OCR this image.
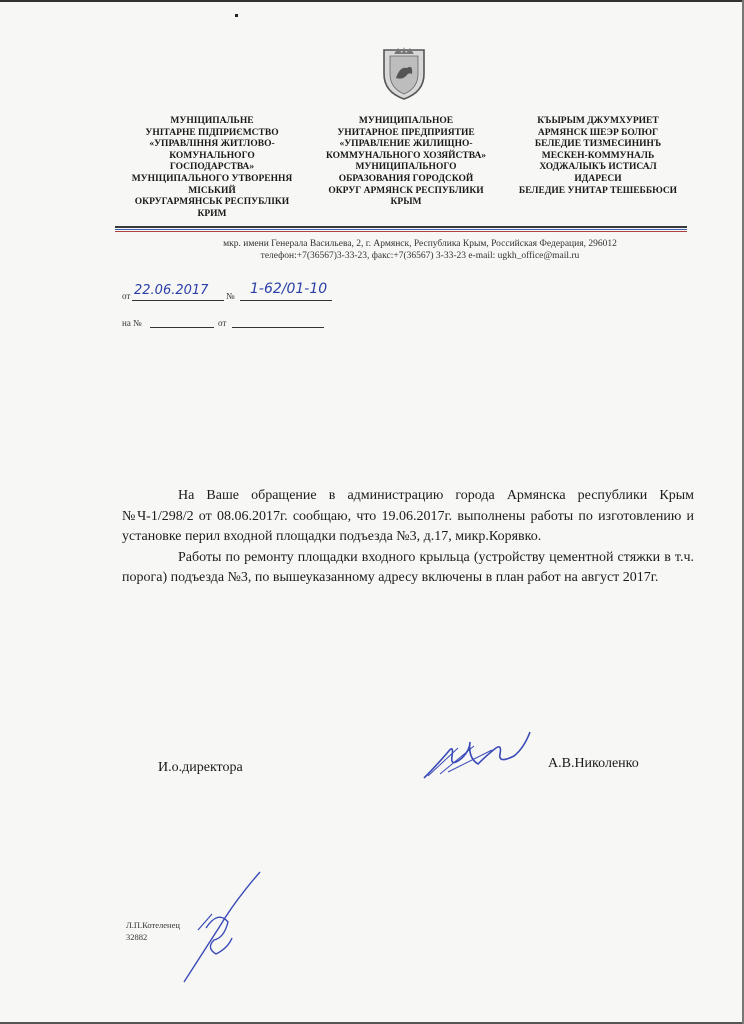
МУНІЦИПАЛЬНЕ
УНІТАРНЕ ПІДПРИЄМСТВО
«УПРАВЛІННЯ ЖИТЛОВО-
КОМУНАЛЬНОГО
ГОСПОДАРСТВА»
МУНІЦИПАЛЬНОГО УТВОРЕННЯ
МІСЬКИЙ
ОКРУГАРМЯНСЬК РЕСПУБЛІКИ
КРИМ
МУНИЦИПАЛЬНОЕ
УНИТАРНОЕ ПРЕДПРИЯТИЕ
«УПРАВЛЕНИЕ ЖИЛИЩНО-
КОММУНАЛЬНОГО ХОЗЯЙСТВА»
МУНИЦИПАЛЬНОГО
ОБРАЗОВАНИЯ ГОРОДСКОЙ
ОКРУГ АРМЯНСК РЕСПУБЛИКИ
КРЫМ
КЪЫРЫМ ДЖУМХУРИЕТ
АРМЯНСК ШЕЭР БОЛЮГ
БЕЛЕДИЕ ТИЗМЕСИНИНЪ
МЕСКЕН-КОММУНАЛЬ
ХОДЖАЛЫКЪ ИСТИСАЛ
ИДАРЕСИ
БЕЛЕДИЕ УНИТАР ТЕШЕББЮСИ
мкр. имени Генерала Васильева, 2, г. Армянск, Республика Крым, Российская Федерация, 296012
телефон:+7(36567)3-33-23, факс:+7(36567) 3-33-23 e-mail: ugkh_office@mail.ru
от 22.06.2017 № 1-62/01-10
на №	от

На Ваше обращение в администрацию города Армянска республики Крым №Ч-1/298/2 от 08.06.2017г. сообщаю, что 19.06.2017г. выполнены работы по изготовлению и установке перил входной площадки подъезда №3, д.17, микр.Корявко.

Работы по ремонту площадки входного крыльца (устройству цементной стяжки в т.ч. порога) подъезда №3, по вышеуказанному адресу включены в план работ на август 2017г.

И.о.директора	А.В.Николенко
Л.П.Котеленец
32882
